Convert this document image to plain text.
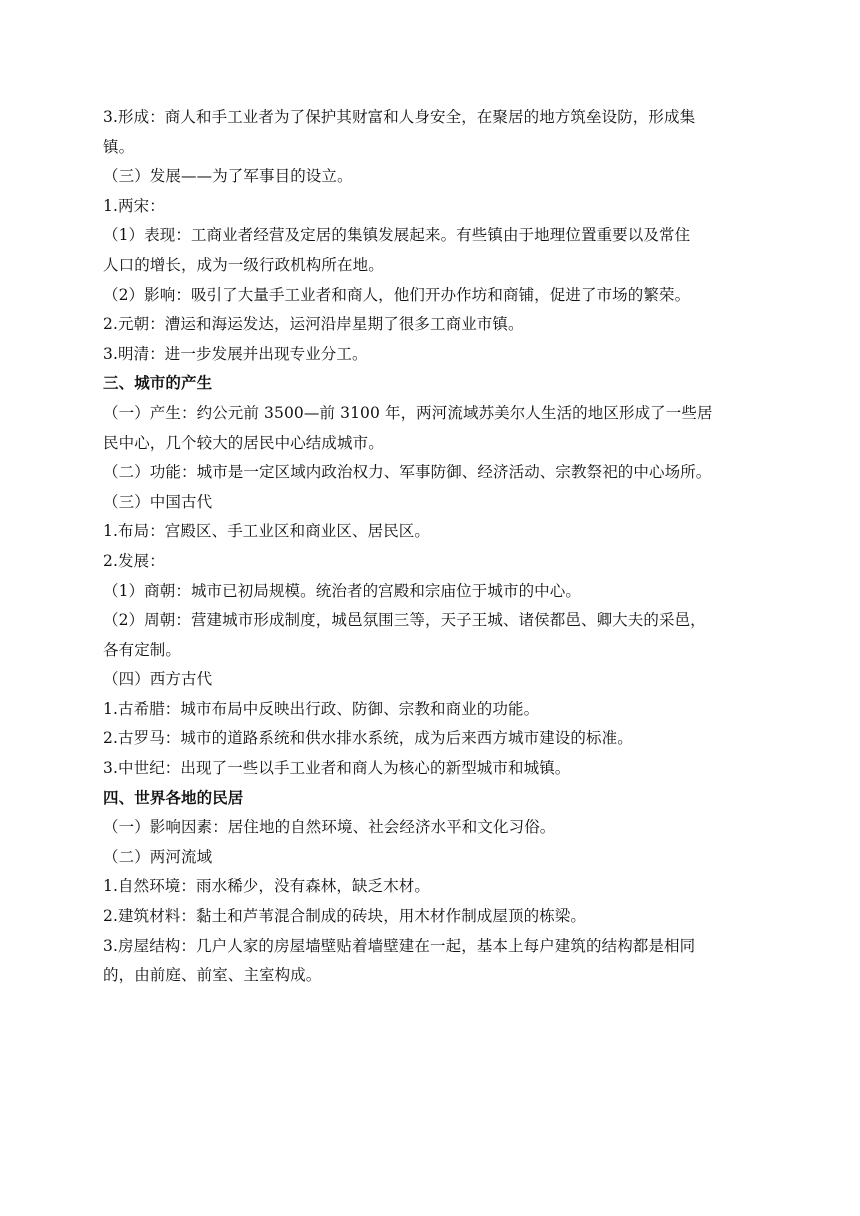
3.形成：商人和手工业者为了保护其财富和人身安全，在聚居的地方筑垒设防，形成集
镇。
（三）发展——为了军事目的设立。
1.两宋：
（1）表现：工商业者经营及定居的集镇发展起来。有些镇由于地理位置重要以及常住
人口的增长，成为一级行政机构所在地。
（2）影响：吸引了大量手工业者和商人，他们开办作坊和商铺，促进了市场的繁荣。
2.元朝：漕运和海运发达，运河沿岸星期了很多工商业市镇。
3.明清：进一步发展并出现专业分工。
三、城市的产生
（一）产生：约公元前 3500—前 3100 年，两河流域苏美尔人生活的地区形成了一些居
民中心，几个较大的居民中心结成城市。
（二）功能：城市是一定区域内政治权力、军事防御、经济活动、宗教祭祀的中心场所。
（三）中国古代
1.布局：宫殿区、手工业区和商业区、居民区。
2.发展：
（1）商朝：城市已初局规模。统治者的宫殿和宗庙位于城市的中心。
（2）周朝：营建城市形成制度，城邑氛围三等，天子王城、诸侯都邑、卿大夫的采邑，
各有定制。
（四）西方古代
1.古希腊：城市布局中反映出行政、防御、宗教和商业的功能。
2.古罗马：城市的道路系统和供水排水系统，成为后来西方城市建设的标准。
3.中世纪：出现了一些以手工业者和商人为核心的新型城市和城镇。
四、世界各地的民居
（一）影响因素：居住地的自然环境、社会经济水平和文化习俗。
（二）两河流域
1.自然环境：雨水稀少，没有森林，缺乏木材。
2.建筑材料：黏土和芦苇混合制成的砖块，用木材作制成屋顶的栋梁。
3.房屋结构：几户人家的房屋墙壁贴着墙壁建在一起，基本上每户建筑的结构都是相同
的，由前庭、前室、主室构成。
